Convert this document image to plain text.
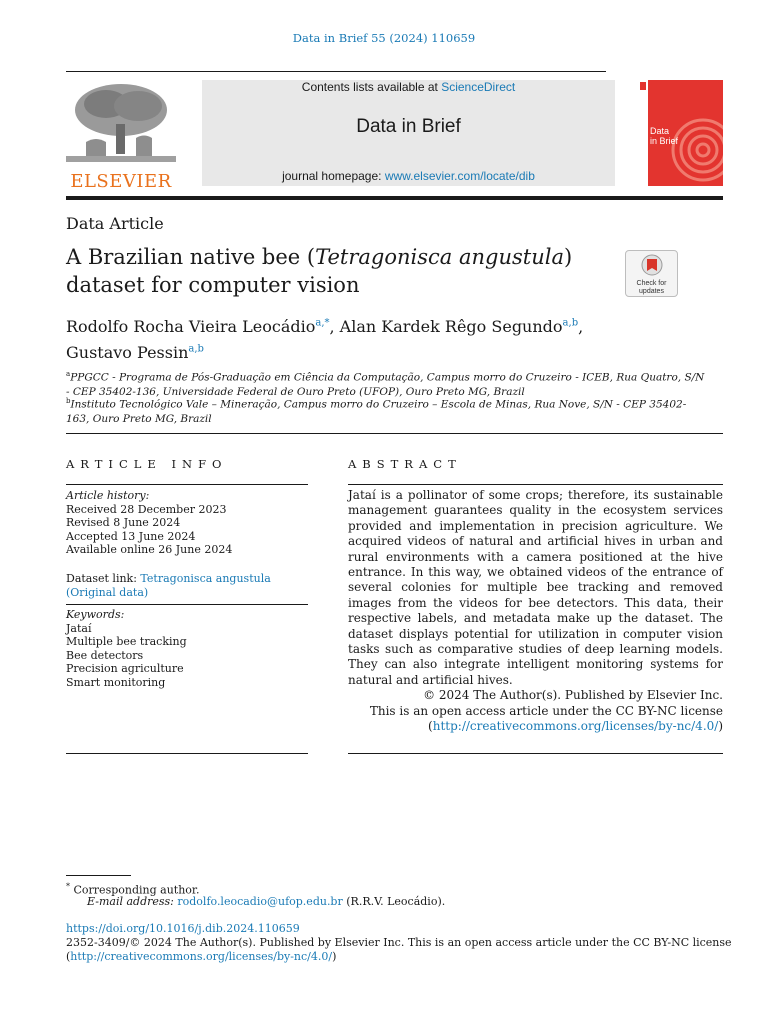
Data in Brief 55 (2024) 110659
ELSEVIER
Contents lists available at ScienceDirect
Data in Brief
journal homepage: www.elsevier.com/locate/dib
Data
in Brief
Data Article
A Brazilian native bee (Tetragonisca angustula) dataset for computer vision	Check for
updates
Rodolfo Rocha Vieira Leocádio$^{a,*}$, Alan Kardek Rêgo Segundo$^{a,b}$,
Gustavo Pessin$^{a,b}$
$^a$PPGCC - Programa de Pós-Graduação em Ciência da Computação, Campus morro do Cruzeiro - ICEB, Rua Quatro, S/N - CEP 35402-136, Universidade Federal de Ouro Preto (UFOP), Ouro Preto MG, Brazil
$^b$Instituto Tecnológico Vale – Mineração, Campus morro do Cruzeiro – Escola de Minas, Rua Nove, S/N - CEP 35402-163, Ouro Preto MG, Brazil
ARTICLE INFO
Article history:
Received 28 December 2023
Revised 8 June 2024
Accepted 13 June 2024
Available online 26 June 2024
Dataset link: Tetragonisca angustula (Original data)
Keywords:
Jataí
Multiple bee tracking
Bee detectors
Precision agriculture
Smart monitoring
ABSTRACT
Jataí is a pollinator of some crops; therefore, its sustainable management guarantees quality in the ecosystem services provided and implementation in precision agriculture. We acquired videos of natural and artificial hives in urban and rural environments with a camera positioned at the hive entrance. In this way, we obtained videos of the entrance of several colonies for multiple bee tracking and removed images from the videos for bee detectors. This data, their respective labels, and metadata make up the dataset. The dataset displays potential for utilization in computer vision tasks such as comparative studies of deep learning models. They can also integrate intelligent monitoring systems for natural and artificial hives.
© 2024 The Author(s). Published by Elsevier Inc.
This is an open access article under the CC BY-NC license
(http://creativecommons.org/licenses/by-nc/4.0/)
* Corresponding author.
E-mail address: rodolfo.leocadio@ufop.edu.br (R.R.V. Leocádio).
https://doi.org/10.1016/j.dib.2024.110659
2352-3409/© 2024 The Author(s). Published by Elsevier Inc. This is an open access article under the CC BY-NC license
(http://creativecommons.org/licenses/by-nc/4.0/)
